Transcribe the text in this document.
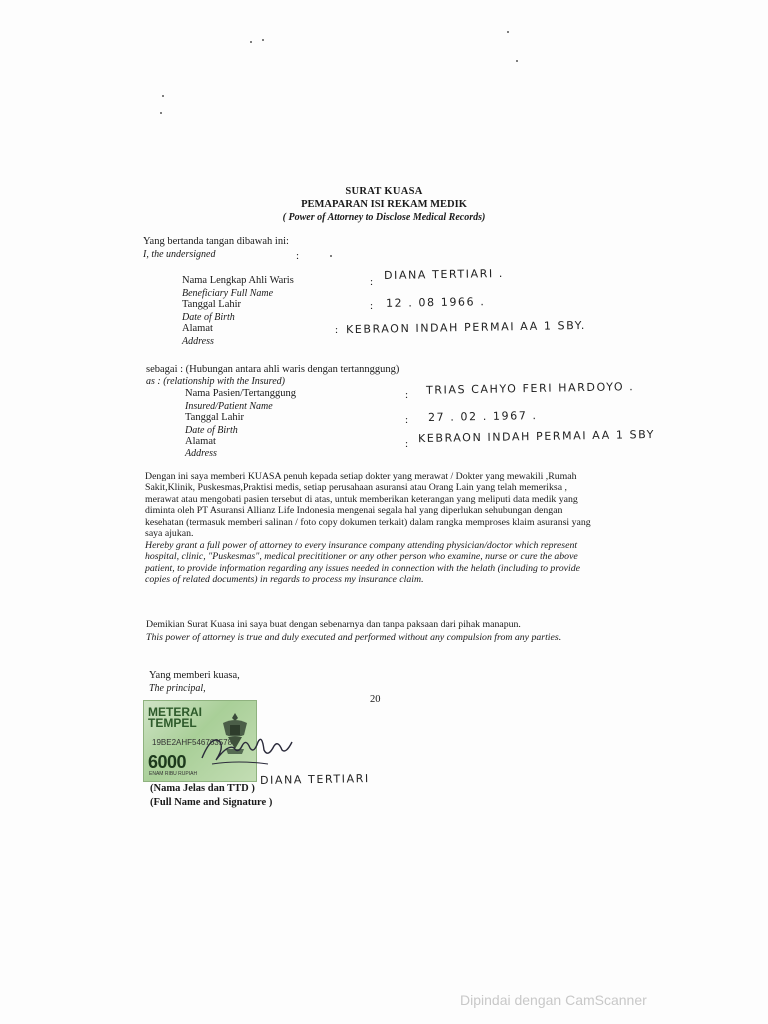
SURAT KUASA
PEMAPARAN ISI REKAM MEDIK
( Power of Attorney to Disclose Medical Records)
Yang bertanda tangan dibawah ini:
I, the undersigned	:
Nama Lengkap Ahli Waris
Beneficiary Full Name
: DIANA TERTIARI .
Tanggal Lahir
Date of Birth
: 12 . 08 1966 .
Alamat
Address
: KEBRAON INDAH PERMAI AA 1 SBY.
sebagai : (Hubungan antara ahli waris dengan tertannggung)
as : (relationship with the Insured)
Nama Pasien/Tertanggung
Insured/Patient Name
: TRIAS CAHYO FERI HARDOYO .
Tanggal Lahir
Date of Birth
: 27 . 02 . 1967 .
Alamat
Address
: KEBRAON INDAH PERMAI AA 1 SBY
Dengan ini saya memberi KUASA penuh kepada setiap dokter yang merawat / Dokter yang mewakili ,Rumah Sakit,Klinik, Puskesmas,Praktisi medis, setiap perusahaan asuransi atau Orang Lain yang telah memeriksa , merawat atau mengobati pasien tersebut di atas, untuk memberikan keterangan yang meliputi data medik yang diminta oleh PT Asuransi Allianz Life Indonesia mengenai segala hal yang diperlukan sehubungan dengan kesehatan (termasuk memberi salinan / foto copy dokumen terkait) dalam rangka memproses klaim asuransi yang saya ajukan.
Hereby grant a full power of attorney to every insurance company attending physician/doctor which represent hospital, clinic, "Puskesmas", medical precititioner or any other person who examine, nurse or cure the above patient, to provide information regarding any issues needed in connection with the helath (including to provide copies of related documents) in regards to process my insurance claim.
Demikian Surat Kuasa ini saya buat dengan sebenarnya dan tanpa paksaan dari pihak manapun.
This power of attorney is true and duly executed and performed without any compulsion from any parties.
Yang memberi kuasa,
The principal,
20
METERAI TEMPEL
19BE2AHF546763578
6000
ENAM RIBU RUPIAH	DIANA TERTIARI
(Nama Jelas dan TTD )
(Full Name and Signature )
Dipindai dengan CamScanner
